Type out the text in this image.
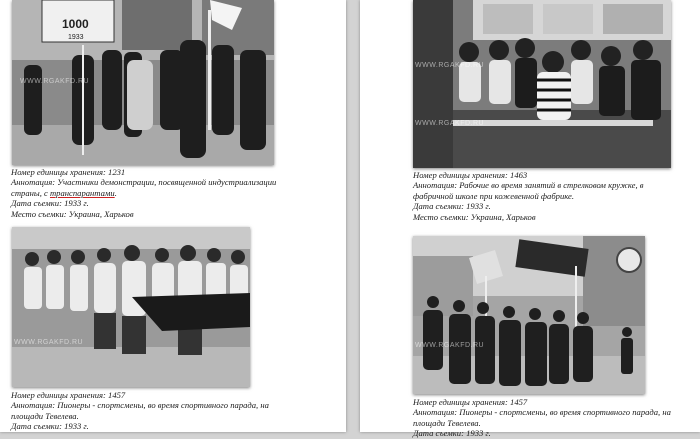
1000
1933
WWW.RGAKFD.RU
Номер единицы хранения: 1231
Аннотация: Участники демонстрации, посвященной индустриализации
страны, с транспарантами.
Дата съемки: 1933 г.
Место съемки: Украина, Харьков
WWW.RGAKFD.RU
Номер единицы хранения: 1457
Аннотация: Пионеры - спортсмены, во время спортивного парада, на
площади Тевелева.
Дата съемки: 1933 г.
WWW.RGAKFD.RU
WWW.RGAKFD.RU
Номер единицы хранения: 1463
Аннотация: Рабочие во время занятий в стрелковом кружке, в
фабричной школе при кожевенной фабрике.
Дата съемки: 1933 г.
Место съемки: Украина, Харьков
WWW.RGAKFD.RU
Номер единицы хранения: 1457
Аннотация: Пионеры - спортсмены, во время спортивного парада, на
площади Тевелева.
Дата съемки: 1933 г.
